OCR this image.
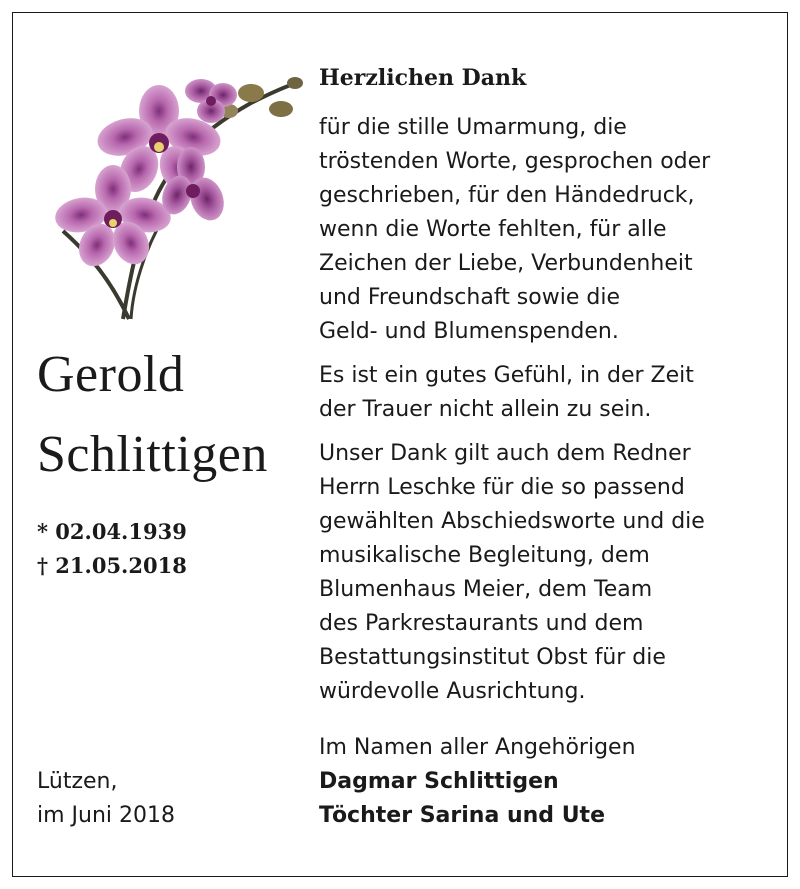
Gerold
Schlittigen
* 02.04.1939
† 21.05.2018
Lützen,
im Juni 2018
Herzlichen Dank
für die stille Umarmung, die
tröstenden Worte, gesprochen oder
geschrieben, für den Händedruck,
wenn die Worte fehlten, für alle
Zeichen der Liebe, Verbundenheit
und Freundschaft sowie die
Geld- und Blumenspenden.
Es ist ein gutes Gefühl, in der Zeit
der Trauer nicht allein zu sein.
Unser Dank gilt auch dem Redner
Herrn Leschke für die so passend
gewählten Abschiedsworte und die
musikalische Begleitung, dem
Blumenhaus Meier, dem Team
des Parkrestaurants und dem
Bestattungsinstitut Obst für die
würdevolle Ausrichtung.
Im Namen aller Angehörigen
Dagmar Schlittigen
Töchter Sarina und Ute
